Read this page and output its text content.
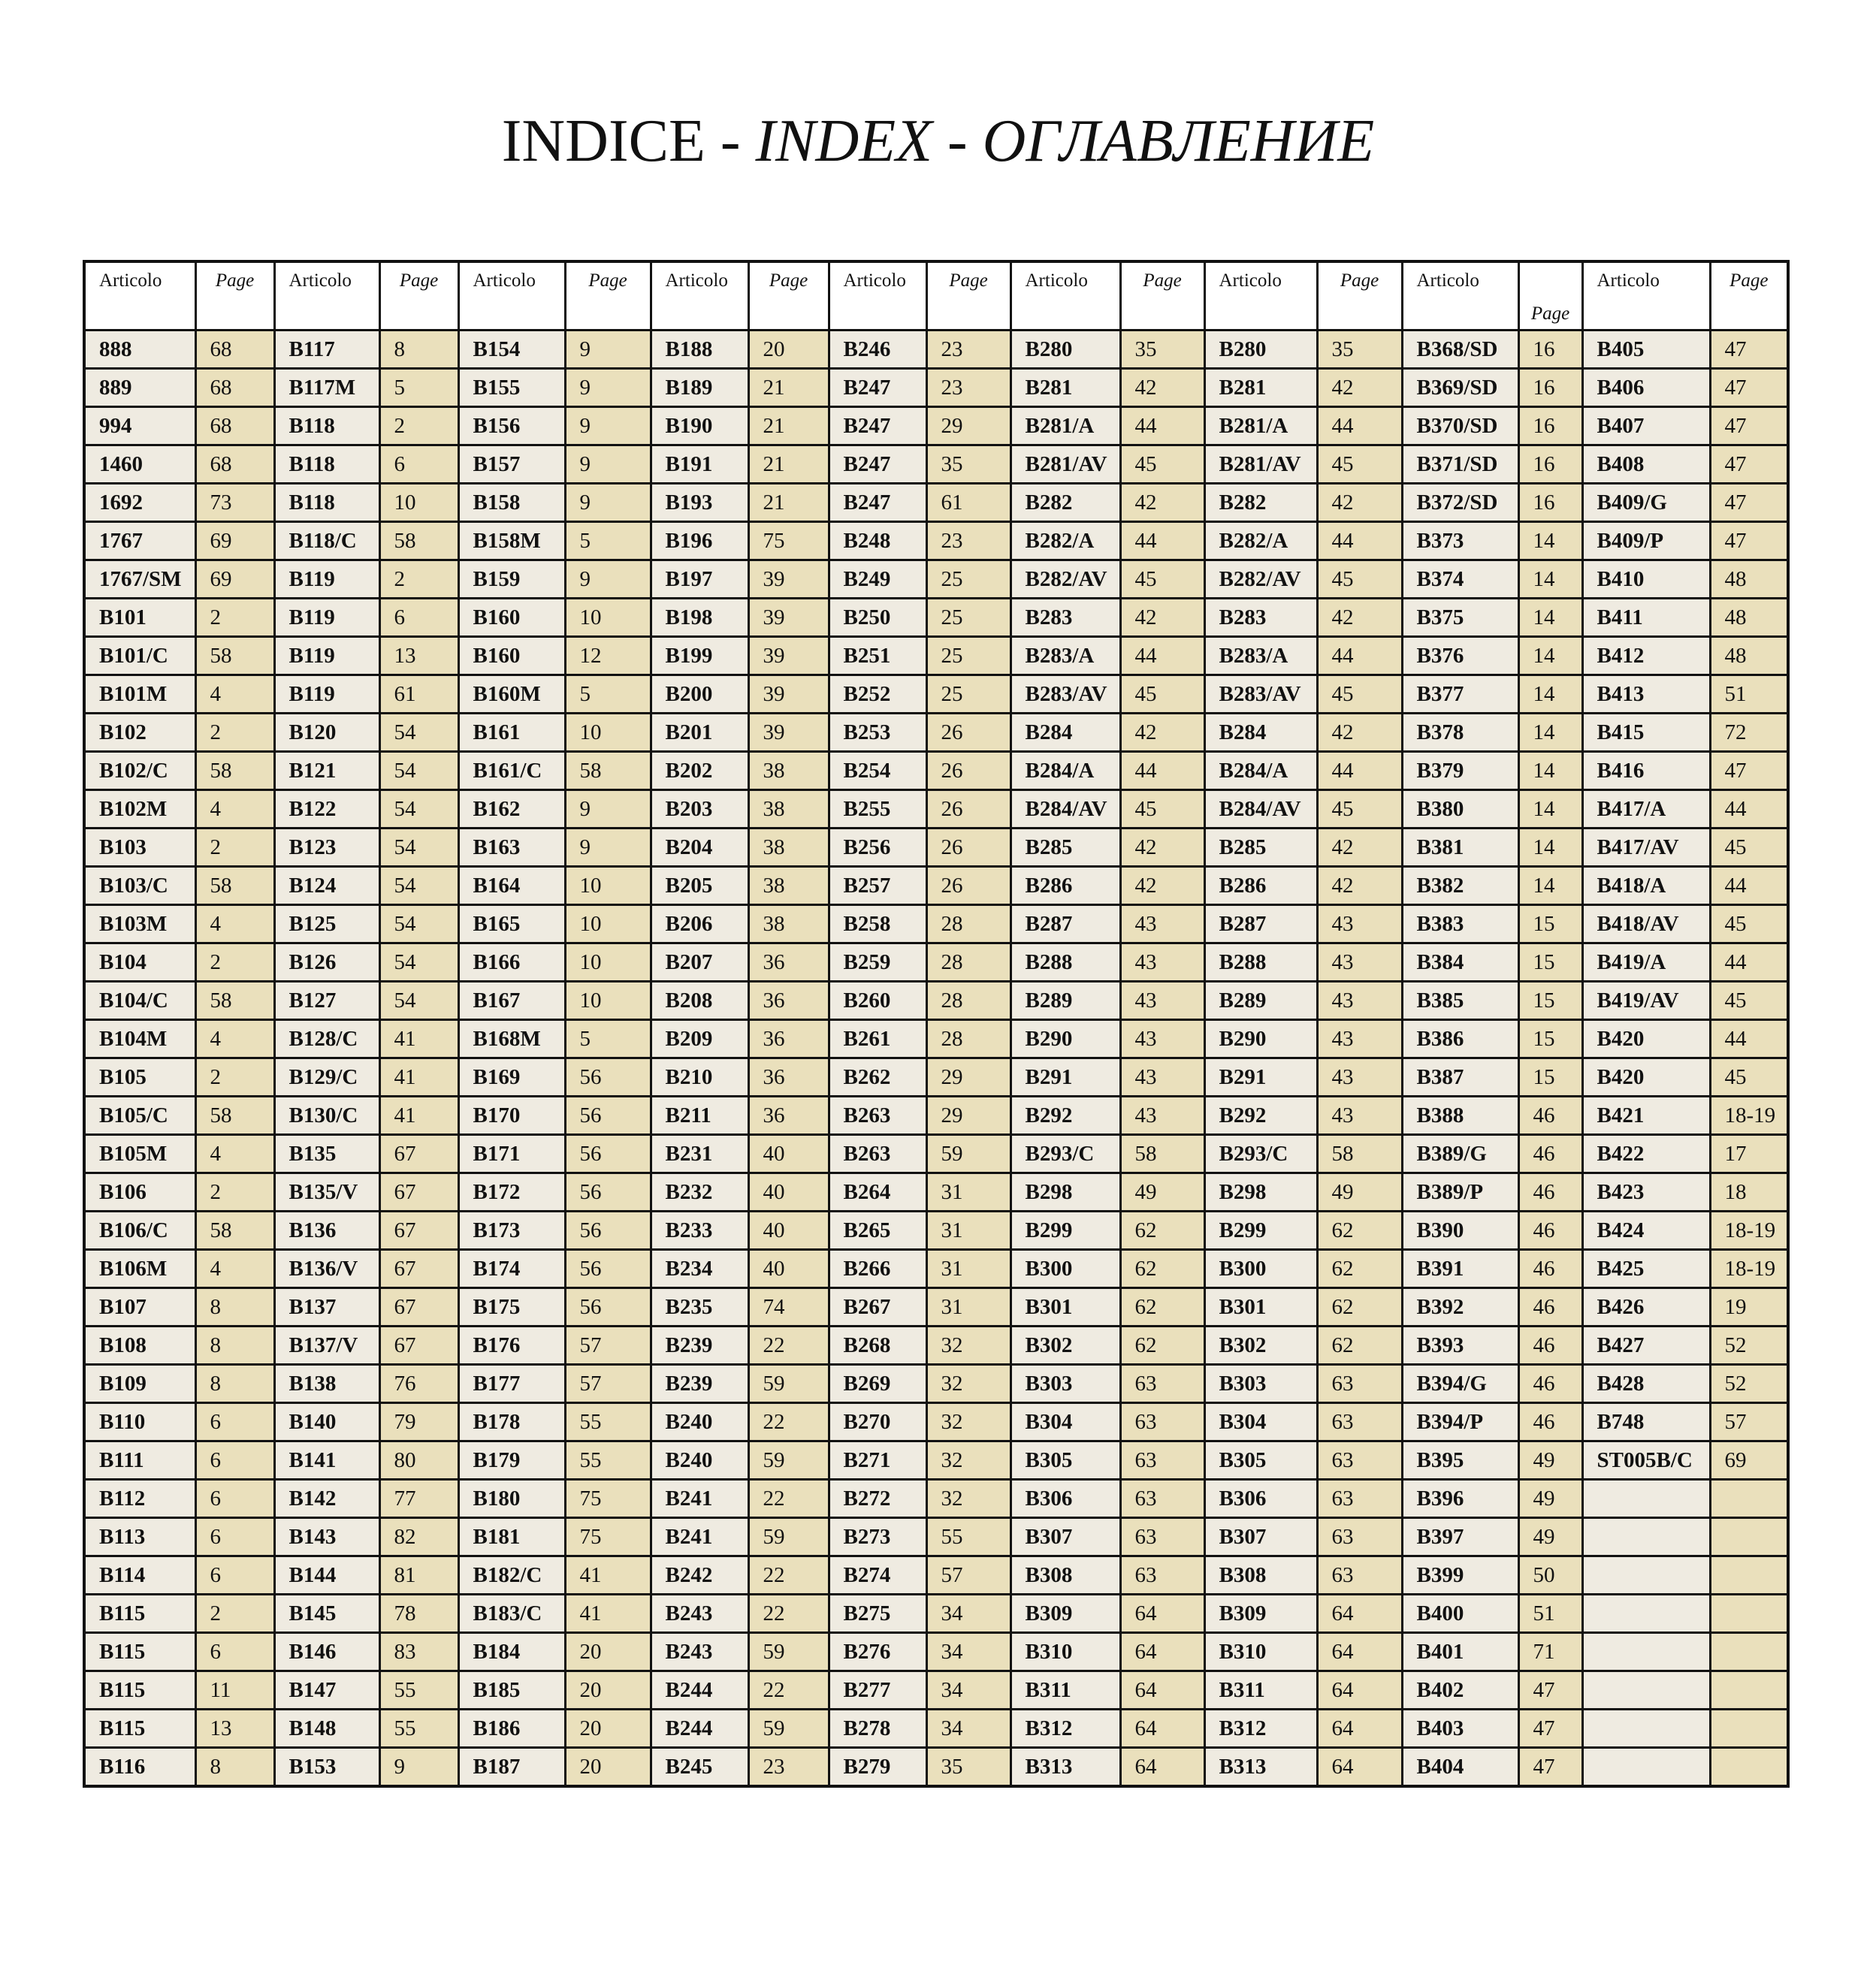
INDICE - INDEX - ОГЛАВЛЕНИЕ
Articolo	Page	Articolo	Page	Articolo	Page	Articolo	Page	Articolo	Page	Articolo	Page	Articolo	Page	Articolo	Page	Articolo	Page
888	68	B117	8	B154	9	B188	20	B246	23	B280	35	B280	35	B368/SD	16	B405	47
889	68	B117M	5	B155	9	B189	21	B247	23	B281	42	B281	42	B369/SD	16	B406	47
994	68	B118	2	B156	9	B190	21	B247	29	B281/A	44	B281/A	44	B370/SD	16	B407	47
1460	68	B118	6	B157	9	B191	21	B247	35	B281/AV	45	B281/AV	45	B371/SD	16	B408	47
1692	73	B118	10	B158	9	B193	21	B247	61	B282	42	B282	42	B372/SD	16	B409/G	47
1767	69	B118/C	58	B158M	5	B196	75	B248	23	B282/A	44	B282/A	44	B373	14	B409/P	47
1767/SM	69	B119	2	B159	9	B197	39	B249	25	B282/AV	45	B282/AV	45	B374	14	B410	48
B101	2	B119	6	B160	10	B198	39	B250	25	B283	42	B283	42	B375	14	B411	48
B101/C	58	B119	13	B160	12	B199	39	B251	25	B283/A	44	B283/A	44	B376	14	B412	48
B101M	4	B119	61	B160M	5	B200	39	B252	25	B283/AV	45	B283/AV	45	B377	14	B413	51
B102	2	B120	54	B161	10	B201	39	B253	26	B284	42	B284	42	B378	14	B415	72
B102/C	58	B121	54	B161/C	58	B202	38	B254	26	B284/A	44	B284/A	44	B379	14	B416	47
B102M	4	B122	54	B162	9	B203	38	B255	26	B284/AV	45	B284/AV	45	B380	14	B417/A	44
B103	2	B123	54	B163	9	B204	38	B256	26	B285	42	B285	42	B381	14	B417/AV	45
B103/C	58	B124	54	B164	10	B205	38	B257	26	B286	42	B286	42	B382	14	B418/A	44
B103M	4	B125	54	B165	10	B206	38	B258	28	B287	43	B287	43	B383	15	B418/AV	45
B104	2	B126	54	B166	10	B207	36	B259	28	B288	43	B288	43	B384	15	B419/A	44
B104/C	58	B127	54	B167	10	B208	36	B260	28	B289	43	B289	43	B385	15	B419/AV	45
B104M	4	B128/C	41	B168M	5	B209	36	B261	28	B290	43	B290	43	B386	15	B420	44
B105	2	B129/C	41	B169	56	B210	36	B262	29	B291	43	B291	43	B387	15	B420	45
B105/C	58	B130/C	41	B170	56	B211	36	B263	29	B292	43	B292	43	B388	46	B421	18-19
B105M	4	B135	67	B171	56	B231	40	B263	59	B293/C	58	B293/C	58	B389/G	46	B422	17
B106	2	B135/V	67	B172	56	B232	40	B264	31	B298	49	B298	49	B389/P	46	B423	18
B106/C	58	B136	67	B173	56	B233	40	B265	31	B299	62	B299	62	B390	46	B424	18-19
B106M	4	B136/V	67	B174	56	B234	40	B266	31	B300	62	B300	62	B391	46	B425	18-19
B107	8	B137	67	B175	56	B235	74	B267	31	B301	62	B301	62	B392	46	B426	19
B108	8	B137/V	67	B176	57	B239	22	B268	32	B302	62	B302	62	B393	46	B427	52
B109	8	B138	76	B177	57	B239	59	B269	32	B303	63	B303	63	B394/G	46	B428	52
B110	6	B140	79	B178	55	B240	22	B270	32	B304	63	B304	63	B394/P	46	B748	57
B111	6	B141	80	B179	55	B240	59	B271	32	B305	63	B305	63	B395	49	ST005B/C	69
B112	6	B142	77	B180	75	B241	22	B272	32	B306	63	B306	63	B396	49		
B113	6	B143	82	B181	75	B241	59	B273	55	B307	63	B307	63	B397	49		
B114	6	B144	81	B182/C	41	B242	22	B274	57	B308	63	B308	63	B399	50		
B115	2	B145	78	B183/C	41	B243	22	B275	34	B309	64	B309	64	B400	51		
B115	6	B146	83	B184	20	B243	59	B276	34	B310	64	B310	64	B401	71		
B115	11	B147	55	B185	20	B244	22	B277	34	B311	64	B311	64	B402	47		
B115	13	B148	55	B186	20	B244	59	B278	34	B312	64	B312	64	B403	47		
B116	8	B153	9	B187	20	B245	23	B279	35	B313	64	B313	64	B404	47		
